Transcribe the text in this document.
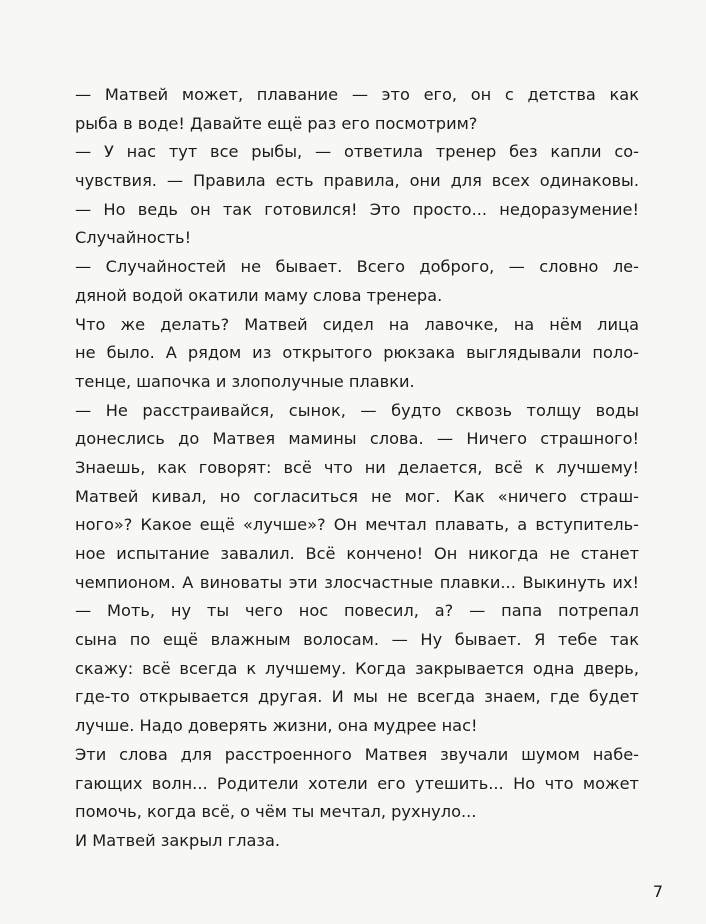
— Матвей может, плавание — это его, он с детства как
рыба в воде! Давайте ещё раз его посмотрим?
— У нас тут все рыбы, — ответила тренер без капли со-
чувствия. — Правила есть правила, они для всех одинаковы.
— Но ведь он так готовился! Это просто... недоразумение!
Случайность!
— Случайностей не бывает. Всего доброго, — словно ле-
дяной водой окатили маму слова тренера.
Что же делать? Матвей сидел на лавочке, на нём лица
не было. А рядом из открытого рюкзака выглядывали поло-
тенце, шапочка и злополучные плавки.
— Не расстраивайся, сынок, — будто сквозь толщу воды
донеслись до Матвея мамины слова. — Ничего страшного!
Знаешь, как говорят: всё что ни делается, всё к лучшему!
Матвей кивал, но согласиться не мог. Как «ничего страш-
ного»? Какое ещё «лучше»? Он мечтал плавать, а вступитель-
ное испытание завалил. Всё кончено! Он никогда не станет
чемпионом. А виноваты эти злосчастные плавки... Выкинуть их!
— Моть, ну ты чего нос повесил, а? — папа потрепал
сына по ещё влажным волосам. — Ну бывает. Я тебе так
скажу: всё всегда к лучшему. Когда закрывается одна дверь,
где-то открывается другая. И мы не всегда знаем, где будет
лучше. Надо доверять жизни, она мудрее нас!
Эти слова для расстроенного Матвея звучали шумом набе-
гающих волн... Родители хотели его утешить... Но что может
помочь, когда всё, о чём ты мечтал, рухнуло...
И Матвей закрыл глаза.
7
